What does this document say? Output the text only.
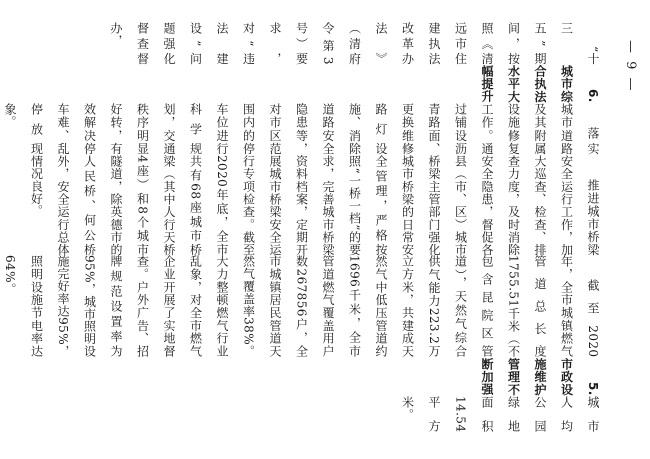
— 9 —

城市人均公园绿地面积14.54平方米。

5. 市政设施维护管理不断加强

截至2020年，全市城镇燃气管道总长度1755.51千米（不包含昆院区管道），天然气综合供气能力223.2万立方米，共建成天然气中低压管道约1696千米，全市管道燃气覆盖用户数267856户，全市城镇居民管道天然气覆盖率38%。大力整顿燃气行业乱象，对全市燃气企业开展了实地督查。户外广告、招牌规范设置率为95%，城市照明设施完好率达95%，照明设施节电率达64%。

推进城市桥梁安全运行工作，加大巡查、检查、排查力度，及时消除安全隐患，督促各县（市、区）城市桥梁主管部门强化城市桥梁的日常安全管理，严格按照“一桥一档”的要求，完善城市桥梁资料档案，定期开展城市桥梁安全运行专项检查。截至2020年底，全市共有68座城市桥梁（其中人行天桥4座）和8个城市隧道，除英德市的人民桥、何公桥外，安全运行总体情况良好。

落实城市道路及其附属设施修复工作。通过铺设沥青路面、更换维修路灯设施、消除道路安全隐患等，对市区范围内的停车位进行科学规划，交通秩序明显好转，有效解决停车难、乱停放现象。

6. 城市综合执法水平大幅提升

“十三五”期间，按照《清远市住建执法改革办法》（清府令第3号）要求，对“违法建设”问题强化督查督办，
